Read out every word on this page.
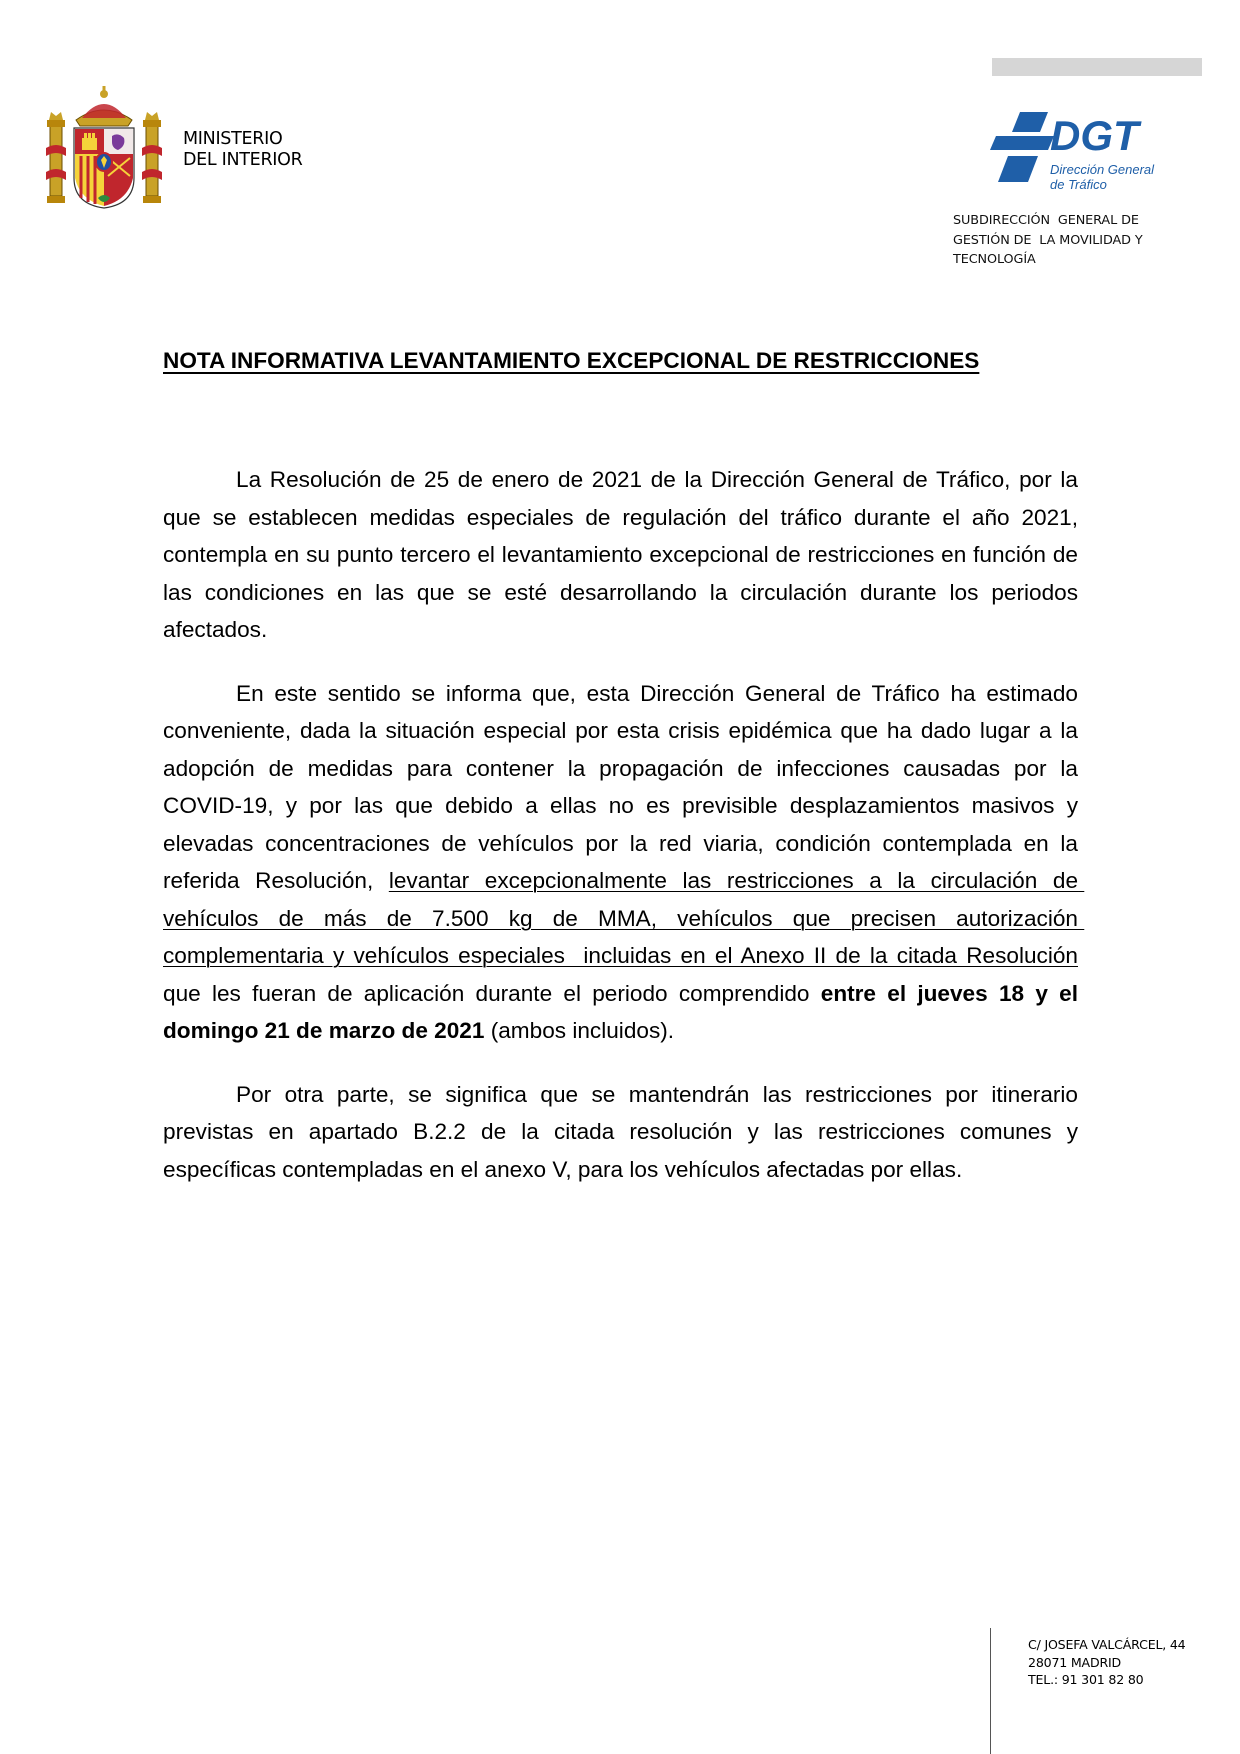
MINISTERIO
DEL INTERIOR
DGT
Dirección General
de Tráfico
SUBDIRECCIÓN  GENERAL DE
GESTIÓN DE  LA MOVILIDAD Y
TECNOLOGÍA
NOTA INFORMATIVA LEVANTAMIENTO EXCEPCIONAL DE RESTRICCIONES

La Resolución de 25 de enero de 2021 de la Dirección General de Tráfico, por la que se establecen medidas especiales de regulación del tráfico durante el año 2021, contempla en su punto tercero el levantamiento excepcional de restricciones en función de las condiciones en las que se esté desarrollando la circulación durante los periodos afectados.

En este sentido se informa que, esta Dirección General de Tráfico ha estimado conveniente, dada la situación especial por esta crisis epidémica que ha dado lugar a la adopción de medidas para contener la propagación de infecciones causadas por la COVID-19, y por las que debido a ellas no es previsible desplazamientos masivos y elevadas concentraciones de vehículos por la red viaria, condición contemplada en la referida Resolución, levantar excepcionalmente las restricciones a la circulación de vehículos de más de 7.500 kg de MMA, vehículos que precisen autorización complementaria y vehículos especiales  incluidas en el Anexo II de la citada Resolución que les fueran de aplicación durante el periodo comprendido entre el jueves 18 y el domingo 21 de marzo de 2021 (ambos incluidos).

Por otra parte, se significa que se mantendrán las restricciones por itinerario previstas en apartado B.2.2 de la citada resolución y las restricciones comunes y específicas contempladas en el anexo V, para los vehículos afectadas por ellas.

C/ JOSEFA VALCÁRCEL, 44
28071 MADRID
TEL.: 91 301 82 80
